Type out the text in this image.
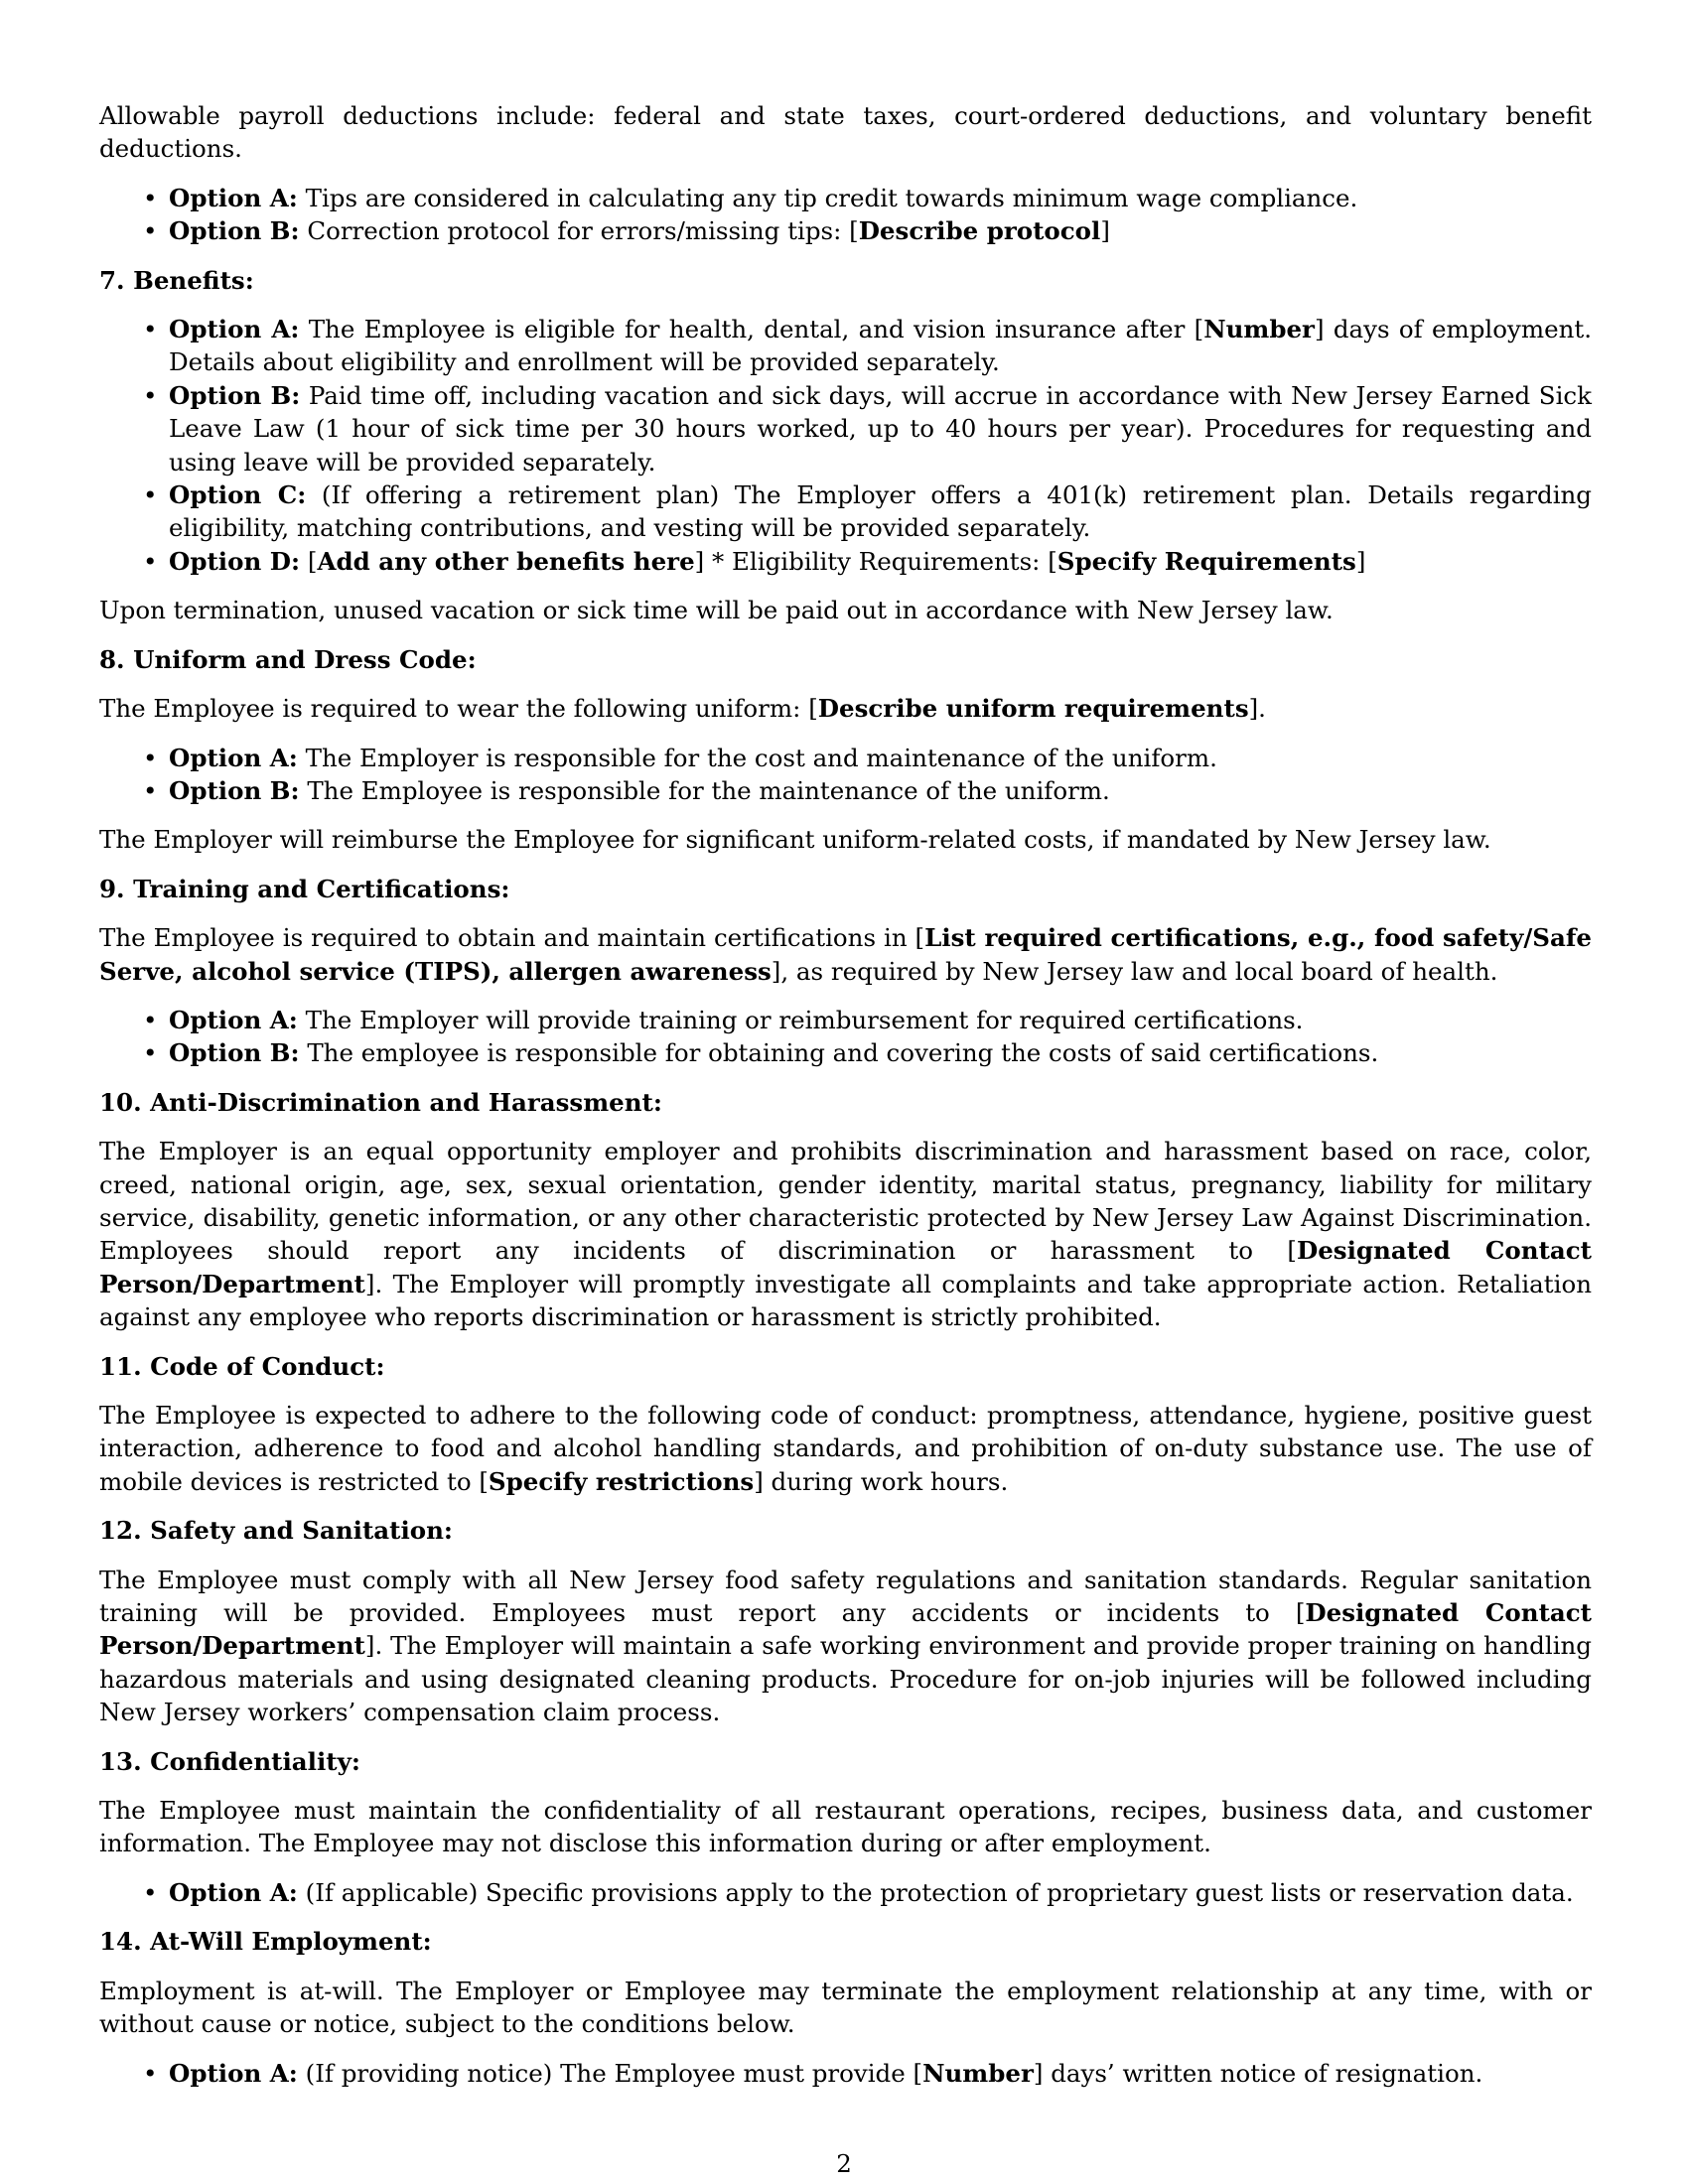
Allowable payroll deductions include: federal and state taxes, court-ordered deductions, and voluntary benefit deductions.

• Option A: Tips are considered in calculating any tip credit towards minimum wage compliance.
• Option B: Correction protocol for errors/missing tips: [Describe protocol]
7. Benefits:
• Option A: The Employee is eligible for health, dental, and vision insurance after [Number] days of employment. Details about eligibility and enrollment will be provided separately.
• Option B: Paid time off, including vacation and sick days, will accrue in accordance with New Jersey Earned Sick Leave Law (1 hour of sick time per 30 hours worked, up to 40 hours per year). Procedures for requesting and using leave will be provided separately.
• Option C: (If offering a retirement plan) The Employer offers a 401(k) retirement plan. Details regarding eligibility, matching contributions, and vesting will be provided separately.
• Option D: [Add any other benefits here] * Eligibility Requirements: [Specify Requirements]

Upon termination, unused vacation or sick time will be paid out in accordance with New Jersey law.

8. Uniform and Dress Code:

The Employee is required to wear the following uniform: [Describe uniform requirements].

• Option A: The Employer is responsible for the cost and maintenance of the uniform.
• Option B: The Employee is responsible for the maintenance of the uniform.

The Employer will reimburse the Employee for significant uniform-related costs, if mandated by New Jersey law.

9. Training and Certifications:

The Employee is required to obtain and maintain certifications in [List required certifications, e.g., food safety/Safe Serve, alcohol service (TIPS), allergen awareness], as required by New Jersey law and local board of health.

• Option A: The Employer will provide training or reimbursement for required certifications.
• Option B: The employee is responsible for obtaining and covering the costs of said certifications.
10. Anti-Discrimination and Harassment:

The Employer is an equal opportunity employer and prohibits discrimination and harassment based on race, color, creed, national origin, age, sex, sexual orientation, gender identity, marital status, pregnancy, liability for military service, disability, genetic information, or any other characteristic protected by New Jersey Law Against Discrimination. Employees should report any incidents of discrimination or harassment to [Designated Contact Person/Department]. The Employer will promptly investigate all complaints and take appropriate action. Retaliation against any employee who reports discrimination or harassment is strictly prohibited.

11. Code of Conduct:

The Employee is expected to adhere to the following code of conduct: promptness, attendance, hygiene, positive guest interaction, adherence to food and alcohol handling standards, and prohibition of on-duty substance use. The use of mobile devices is restricted to [Specify restrictions] during work hours.

12. Safety and Sanitation:

The Employee must comply with all New Jersey food safety regulations and sanitation standards. Regular sanitation training will be provided. Employees must report any accidents or incidents to [Designated Contact Person/Department]. The Employer will maintain a safe working environment and provide proper training on handling hazardous materials and using designated cleaning products. Procedure for on-job injuries will be followed including New Jersey workers’ compensation claim process.

13. Confidentiality:

The Employee must maintain the confidentiality of all restaurant operations, recipes, business data, and customer information. The Employee may not disclose this information during or after employment.

• Option A: (If applicable) Specific provisions apply to the protection of proprietary guest lists or reservation data.
14. At-Will Employment:

Employment is at-will. The Employer or Employee may terminate the employment relationship at any time, with or without cause or notice, subject to the conditions below.

• Option A: (If providing notice) The Employee must provide [Number] days’ written notice of resignation.
2
